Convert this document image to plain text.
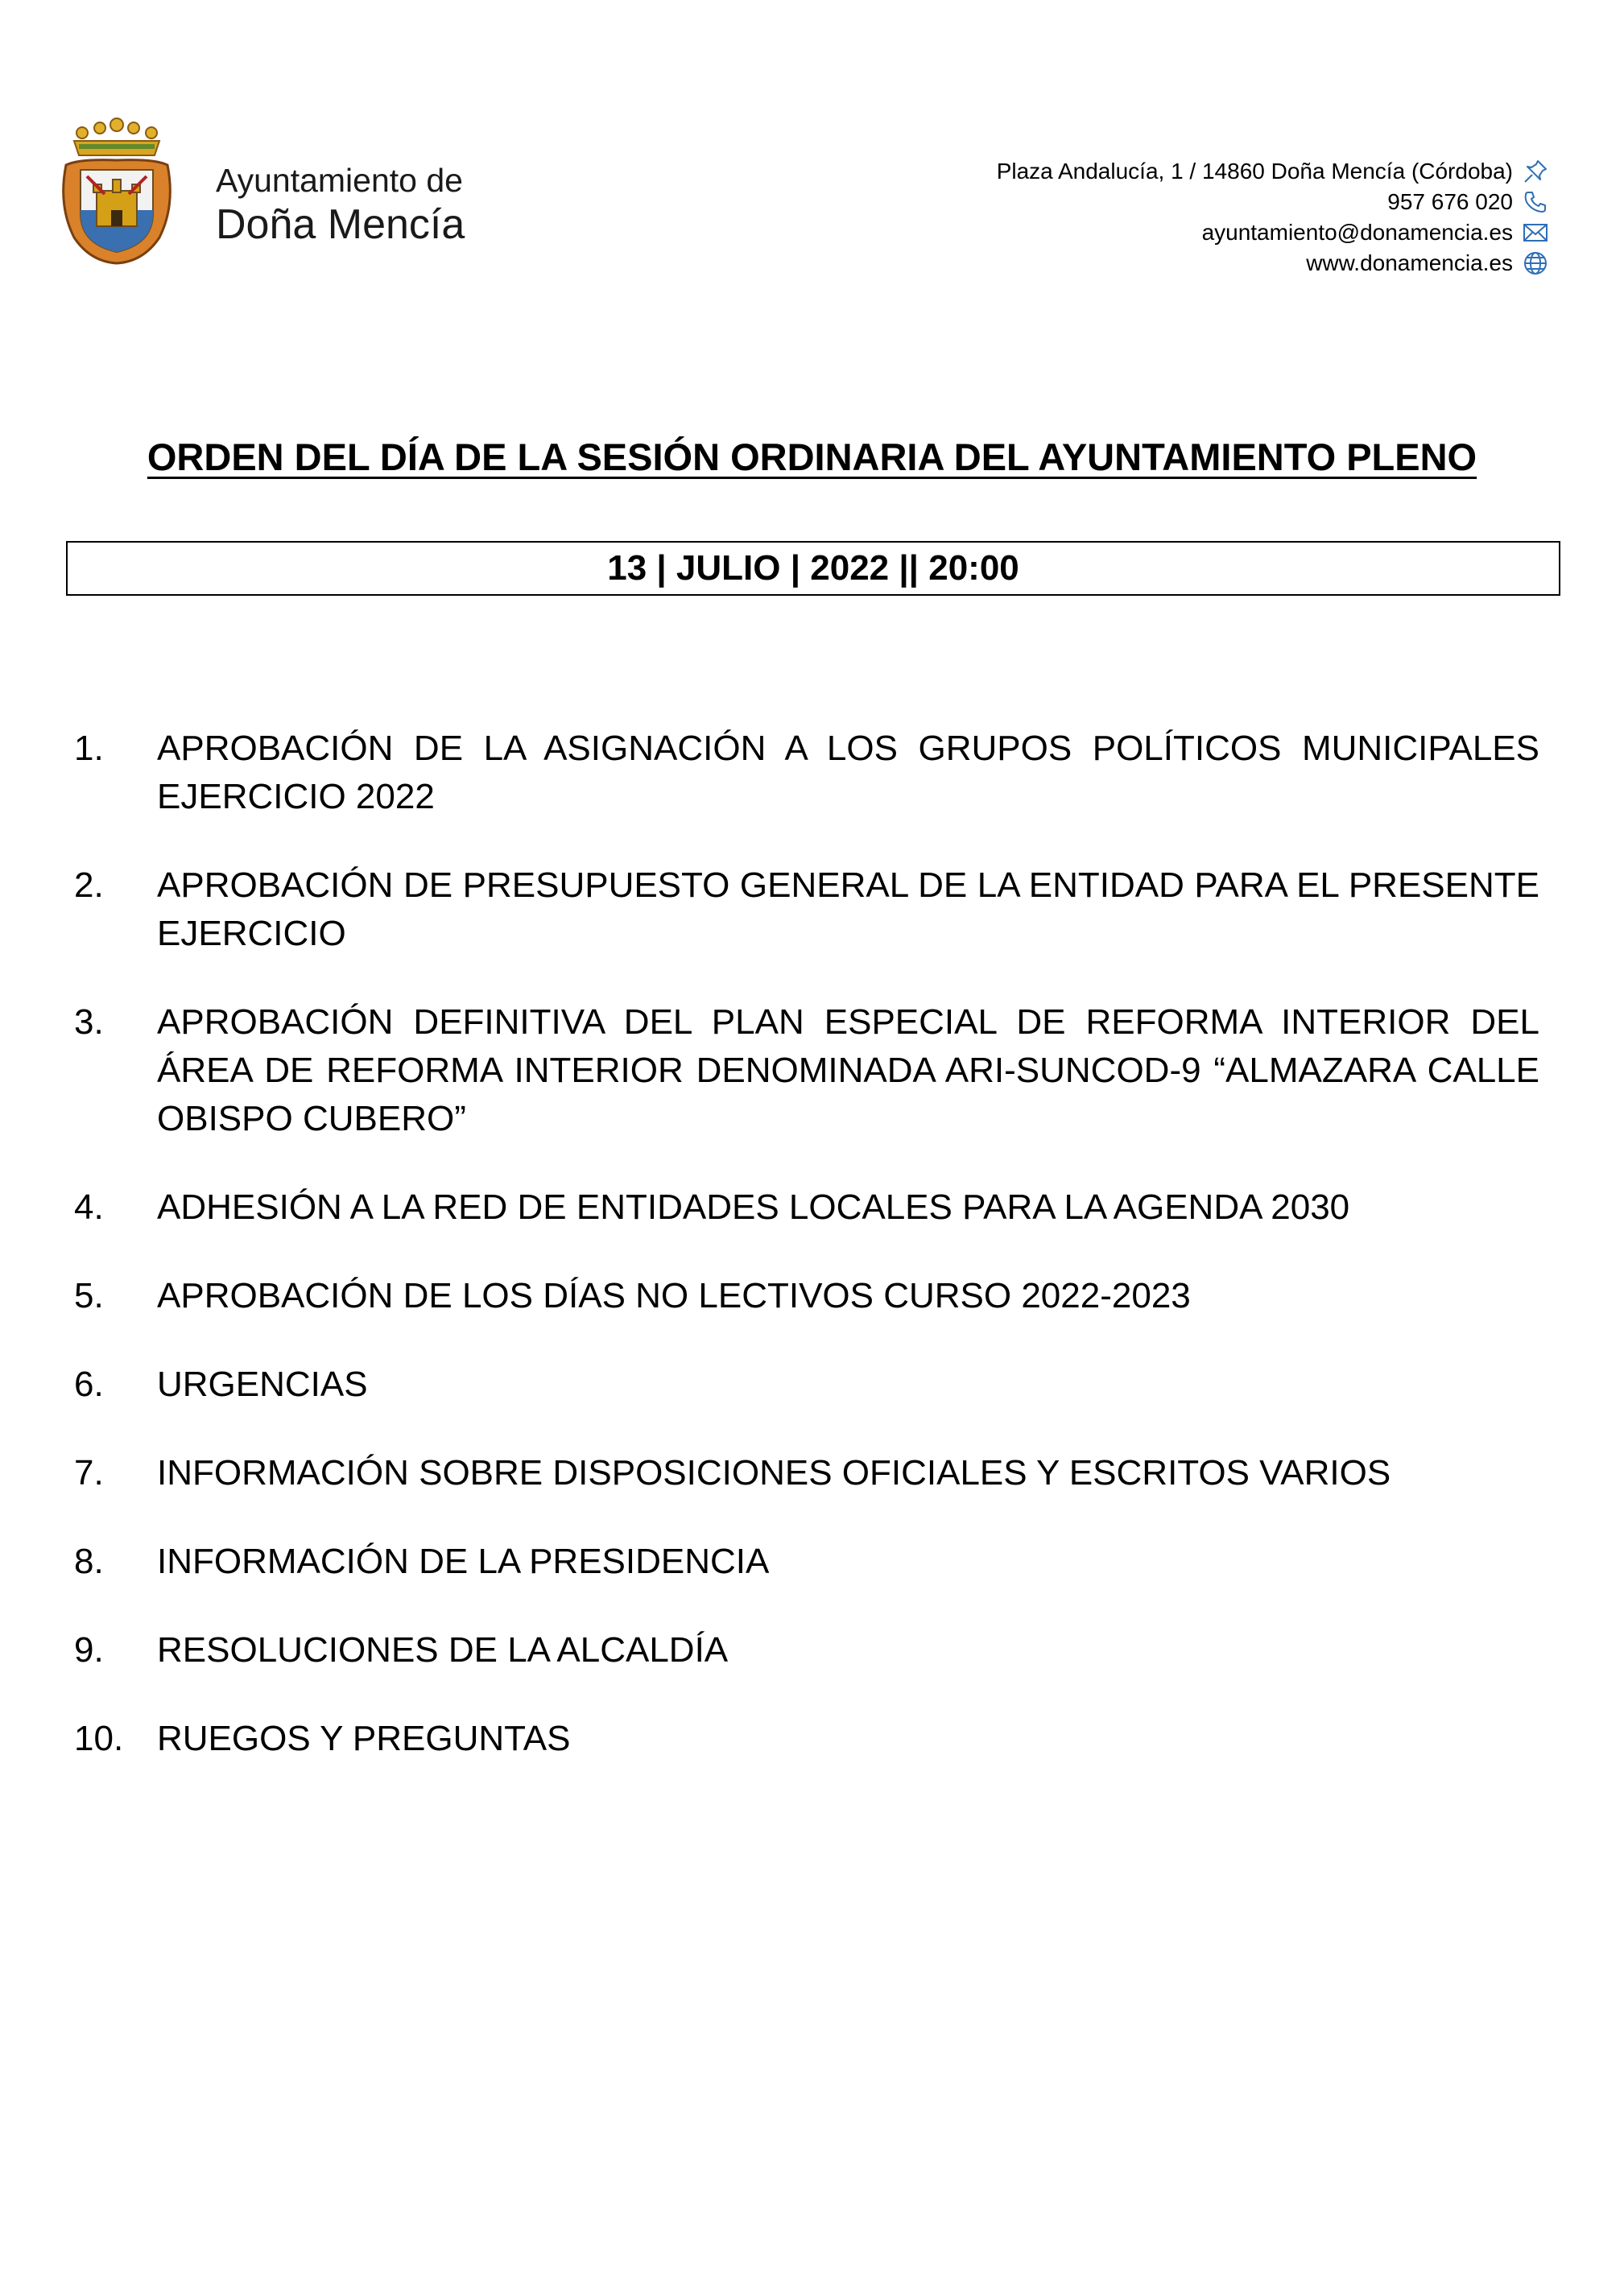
Ayuntamiento de
Doña Mencía
Plaza Andalucía, 1 / 14860 Doña Mencía (Córdoba)
957 676 020
ayuntamiento@donamencia.es
www.donamencia.es
ORDEN DEL DÍA DE LA SESIÓN ORDINARIA DEL AYUNTAMIENTO PLENO
13 | JULIO | 2022 || 20:00
1.	APROBACIÓN DE LA ASIGNACIÓN A LOS GRUPOS POLÍTICOS MUNICIPALES EJERCICIO 2022
2.	APROBACIÓN DE PRESUPUESTO GENERAL DE LA ENTIDAD PARA EL PRESENTE EJERCICIO
3.	APROBACIÓN DEFINITIVA DEL PLAN ESPECIAL DE REFORMA INTERIOR DEL ÁREA DE REFORMA INTERIOR DENOMINADA ARI-SUNCOD-9 “ALMAZARA CALLE OBISPO CUBERO”
4.	ADHESIÓN A LA RED DE ENTIDADES LOCALES PARA LA AGENDA 2030
5.	APROBACIÓN DE LOS DÍAS NO LECTIVOS CURSO 2022-2023
6.	URGENCIAS
7.	INFORMACIÓN SOBRE DISPOSICIONES OFICIALES Y ESCRITOS VARIOS
8.	INFORMACIÓN DE LA PRESIDENCIA
9.	RESOLUCIONES DE LA ALCALDÍA
10. RUEGOS Y PREGUNTAS
